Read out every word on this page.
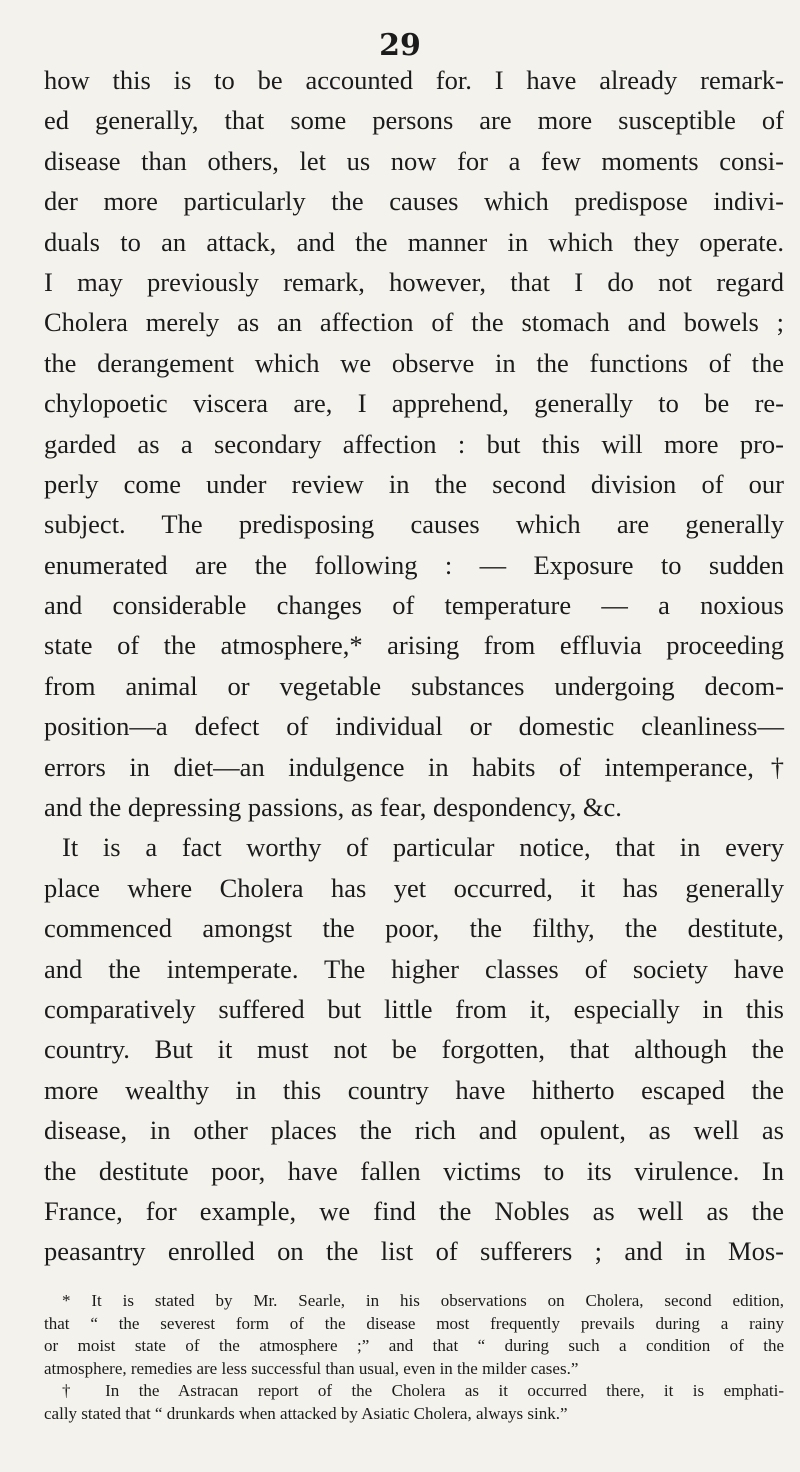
29
how this is to be accounted for. I have already remark-
ed generally, that some persons are more susceptible of
disease than others, let us now for a few moments consi-
der more particularly the causes which predispose indivi-
duals to an attack, and the manner in which they operate.
I may previously remark, however, that I do not regard
Cholera merely as an affection of the stomach and bowels ;
the derangement which we observe in the functions of the
chylopoetic viscera are, I apprehend, generally to be re-
garded as a secondary affection : but this will more pro-
perly come under review in the second division of our
subject. The predisposing causes which are generally
enumerated are the following : — Exposure to sudden
and considerable changes of temperature — a noxious
state of the atmosphere,* arising from effluvia proceeding
from animal or vegetable substances undergoing decom-
position—a defect of individual or domestic cleanliness—
errors in diet—an indulgence in habits of intemperance,†
and the depressing passions, as fear, despondency, &c.
It is a fact worthy of particular notice, that in every
place where Cholera has yet occurred, it has generally
commenced amongst the poor, the filthy, the destitute,
and the intemperate. The higher classes of society have
comparatively suffered but little from it, especially in this
country. But it must not be forgotten, that although the
more wealthy in this country have hitherto escaped the
disease, in other places the rich and opulent, as well as
the destitute poor, have fallen victims to its virulence. In
France, for example, we find the Nobles as well as the
peasantry enrolled on the list of sufferers ; and in Mos-
* It is stated by Mr. Searle, in his observations on Cholera, second edition,
that “ the severest form of the disease most frequently prevails during a rainy
or moist state of the atmosphere ;” and that “ during such a condition of the
atmosphere, remedies are less successful than usual, even in the milder cases.”
† In the Astracan report of the Cholera as it occurred there, it is emphati-
cally stated that “ drunkards when attacked by Asiatic Cholera, always sink.”
